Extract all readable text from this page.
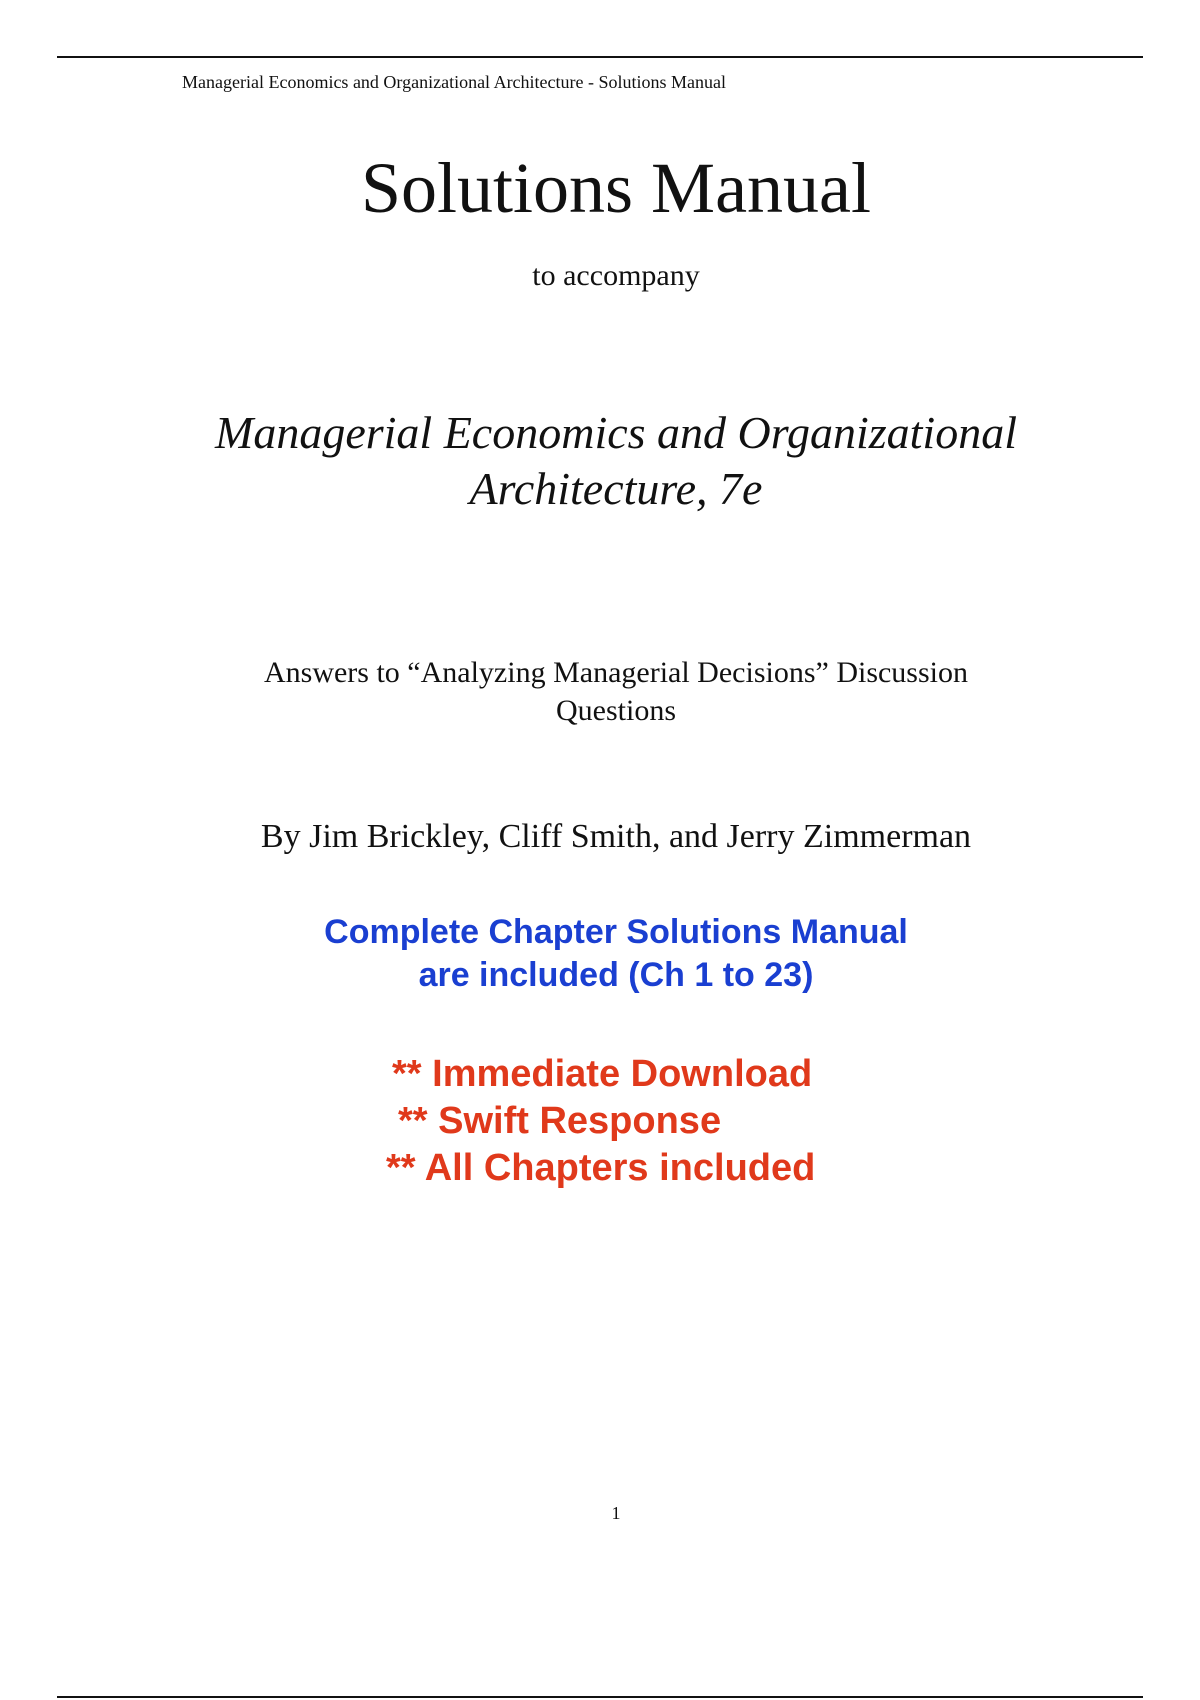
Managerial Economics and Organizational Architecture - Solutions Manual
Solutions Manual
to accompany
Managerial Economics and Organizational
Architecture, 7e
Answers to “Analyzing Managerial Decisions” Discussion
Questions
By Jim Brickley, Cliff Smith, and Jerry Zimmerman
Complete Chapter Solutions Manual
are included (Ch 1 to 23)
** Immediate Download
** Swift Response
** All Chapters included
1
